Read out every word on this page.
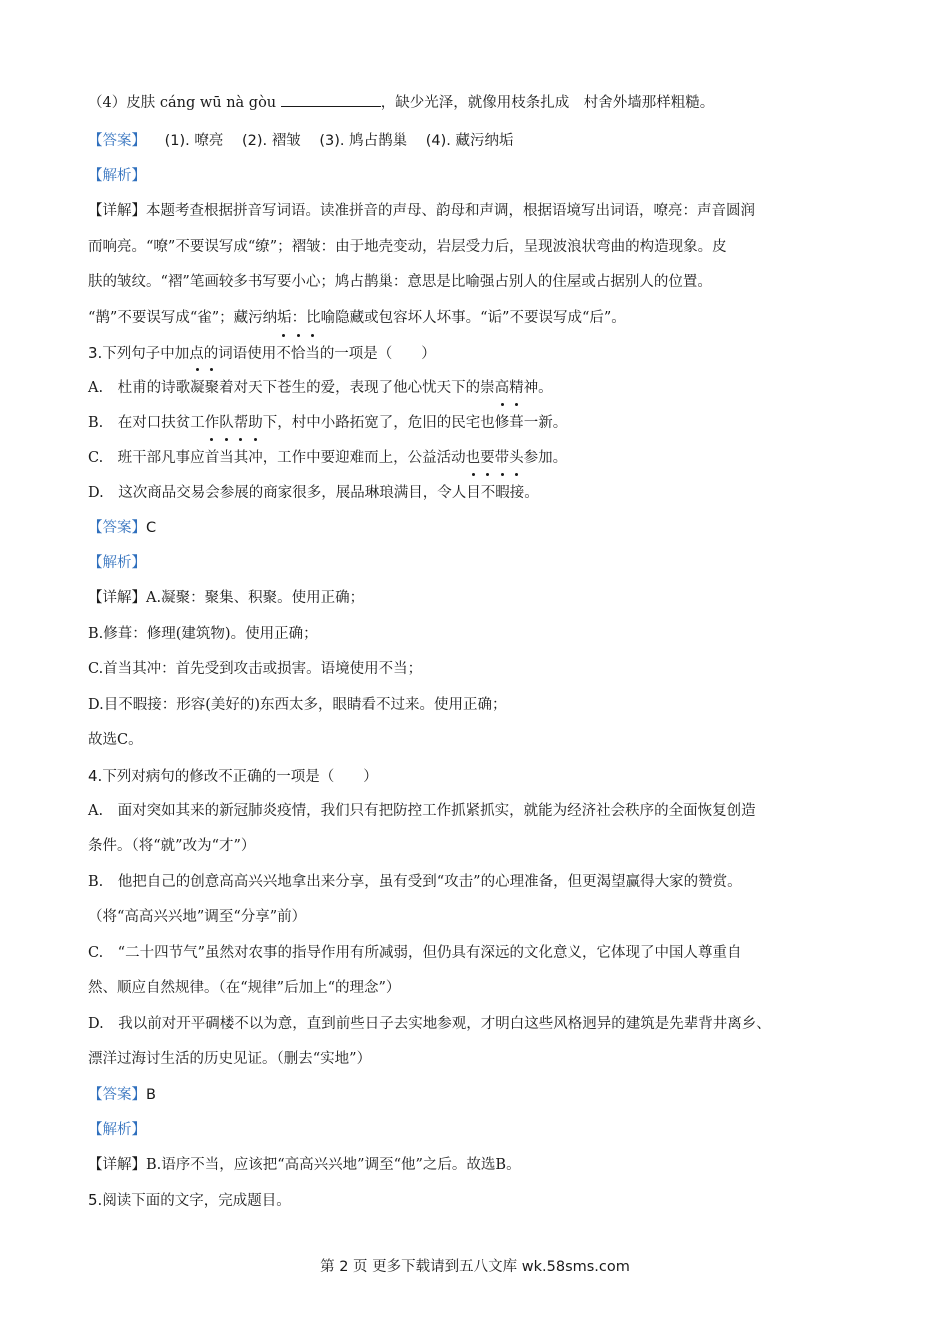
（4）皮肤 cáng wū nà gòu	，缺少光泽，就像用枝条扎成　村舍外墙那样粗糙。
【答案】 (1). 嘹亮 (2). 褶皱 (3). 鸠占鹊巢 (4). 藏污纳垢
【解析】
【详解】本题考查根据拼音写词语。读准拼音的声母、韵母和声调，根据语境写出词语，嘹亮：声音圆润
而响亮。“嘹”不要误写成“缭”；褶皱：由于地壳变动，岩层受力后，呈现波浪状弯曲的构造现象。皮
肤的皱纹。“褶”笔画较多书写要小心；鸠占鹊巢：意思是比喻强占别人的住屋或占据别人的位置。
“鹊”不要误写成“雀”；藏污纳垢：比喻隐藏或包容坏人坏事。“诟”不要误写成“后”。
3.下列句子中加点的词语使用不恰当的一项是（　　）
A.　杜甫的诗歌凝聚着对天下苍生的爱，表现了他心忧天下的崇高精神。
B.　在对口扶贫工作队帮助下，村中小路拓宽了，危旧的民宅也修葺一新。
C.　班干部凡事应首当其冲，工作中要迎难而上，公益活动也要带头参加。
D.　这次商品交易会参展的商家很多，展品琳琅满目，令人目不暇接。
【答案】C
【解析】
【详解】A.凝聚：聚集、积聚。使用正确；
B.修葺：修理(建筑物)。使用正确；
C.首当其冲：首先受到攻击或损害。语境使用不当；
D.目不暇接：形容(美好的)东西太多，眼睛看不过来。使用正确；
故选C。
4.下列对病句的修改不正确的一项是（　　）
A.　面对突如其来的新冠肺炎疫情，我们只有把防控工作抓紧抓实，就能为经济社会秩序的全面恢复创造
条件。（将“就”改为“才”）
B.　他把自己的创意高高兴兴地拿出来分享，虽有受到“攻击”的心理准备，但更渴望赢得大家的赞赏。
（将“高高兴兴地”调至“分享”前）
C.　“二十四节气”虽然对农事的指导作用有所减弱，但仍具有深远的文化意义，它体现了中国人尊重自
然、顺应自然规律。（在“规律”后加上“的理念”）
D.　我以前对开平碉楼不以为意，直到前些日子去实地参观，才明白这些风格迥异的建筑是先辈背井离乡、
漂洋过海讨生活的历史见证。（删去“实地”）
【答案】B
【解析】
【详解】B.语序不当，应该把“高高兴兴地”调至“他”之后。故选B。
5.阅读下面的文字，完成题目。
第 2 页 更多下载请到五八文库 wk.58sms.com
